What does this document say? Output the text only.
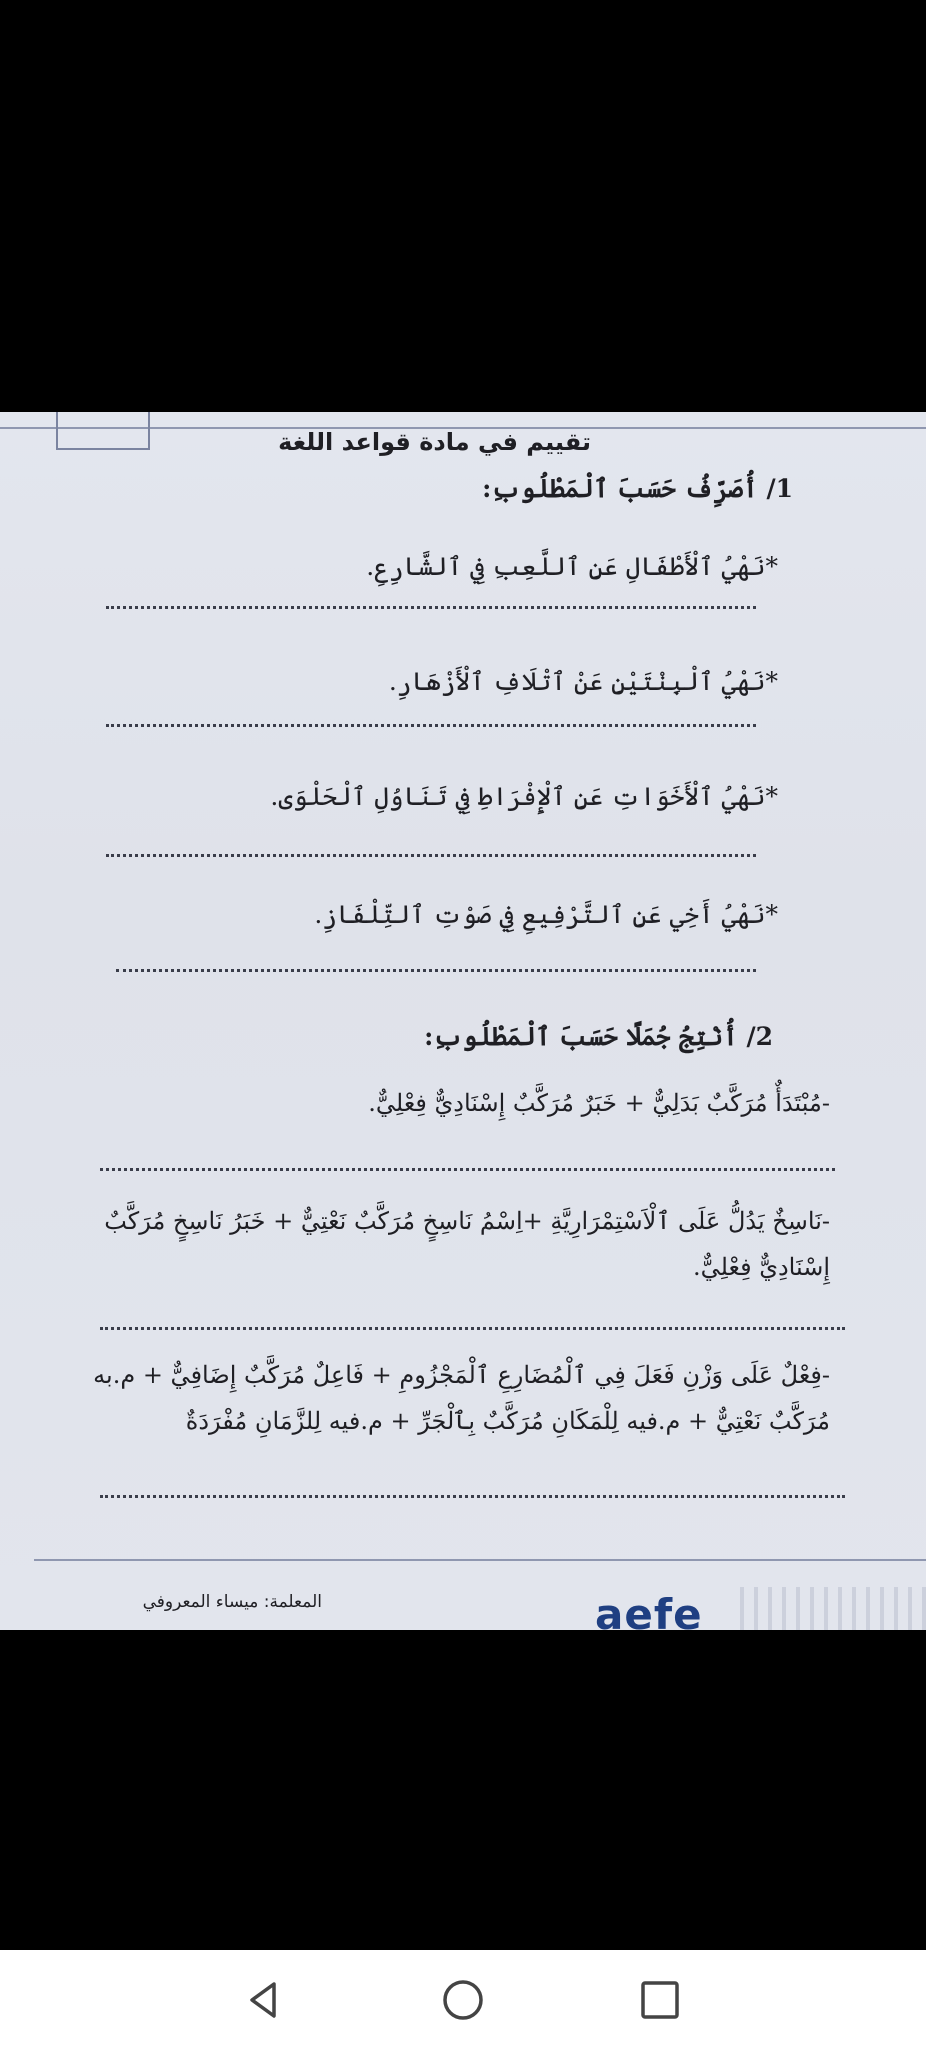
تقييم في مادة قواعد اللغة
1/ أُصَرِّفُ حَسَبَ ٱلْمَطْلُوبِ:
*نَهْيُ ٱلْأَطْفَالِ عَنِ ٱللَّعِبِ فِي ٱلشَّارِعِ.
*نَهْيُ ٱلْبِنْتَيْنِ عَنْ ٱتْلَافِ ٱلْأَزْهَارِ.
*نَهْيُ ٱلْأَخَوَاتِ عَنِ ٱلْإِفْرَاطِ فِي تَنَاوُلِ ٱلْحَلْوَى.
*نَهْيُ أَخِي عَنِ ٱلتَّرْفِيعِ فِي صَوْتِ ٱلتِّلْفَازِ.
2/ أُنْتِجُ جُمَلًا حَسَبَ ٱلْمَطْلُوبِ:
-مُبْتَدَأٌ مُرَكَّبٌ بَدَلِيٌّ + خَبَرٌ مُرَكَّبٌ إِسْنَادِيٌّ فِعْلِيٌّ.
-نَاسِخٌ يَدُلُّ عَلَى ٱلْاَسْتِمْرَارِيَّةِ +اِسْمُ نَاسِخٍ مُرَكَّبٌ نَعْتِيٌّ + خَبَرُ نَاسِخٍ مُرَكَّبٌ إِسْنَادِيٌّ فِعْلِيٌّ.
-فِعْلٌ عَلَى وَزْنِ فَعَلَ فِي ٱلْمُضَارِعِ ٱلْمَجْزُومِ + فَاعِلٌ مُرَكَّبٌ إِضَافِيٌّ + م.به مُرَكَّبٌ نَعْتِيٌّ + م.فيه لِلْمَكَانِ مُرَكَّبٌ بِٱلْجَرِّ + م.فيه لِلزَّمَانِ مُفْرَدَةٌ
المعلمة: ميساء المعروفي	aefe
